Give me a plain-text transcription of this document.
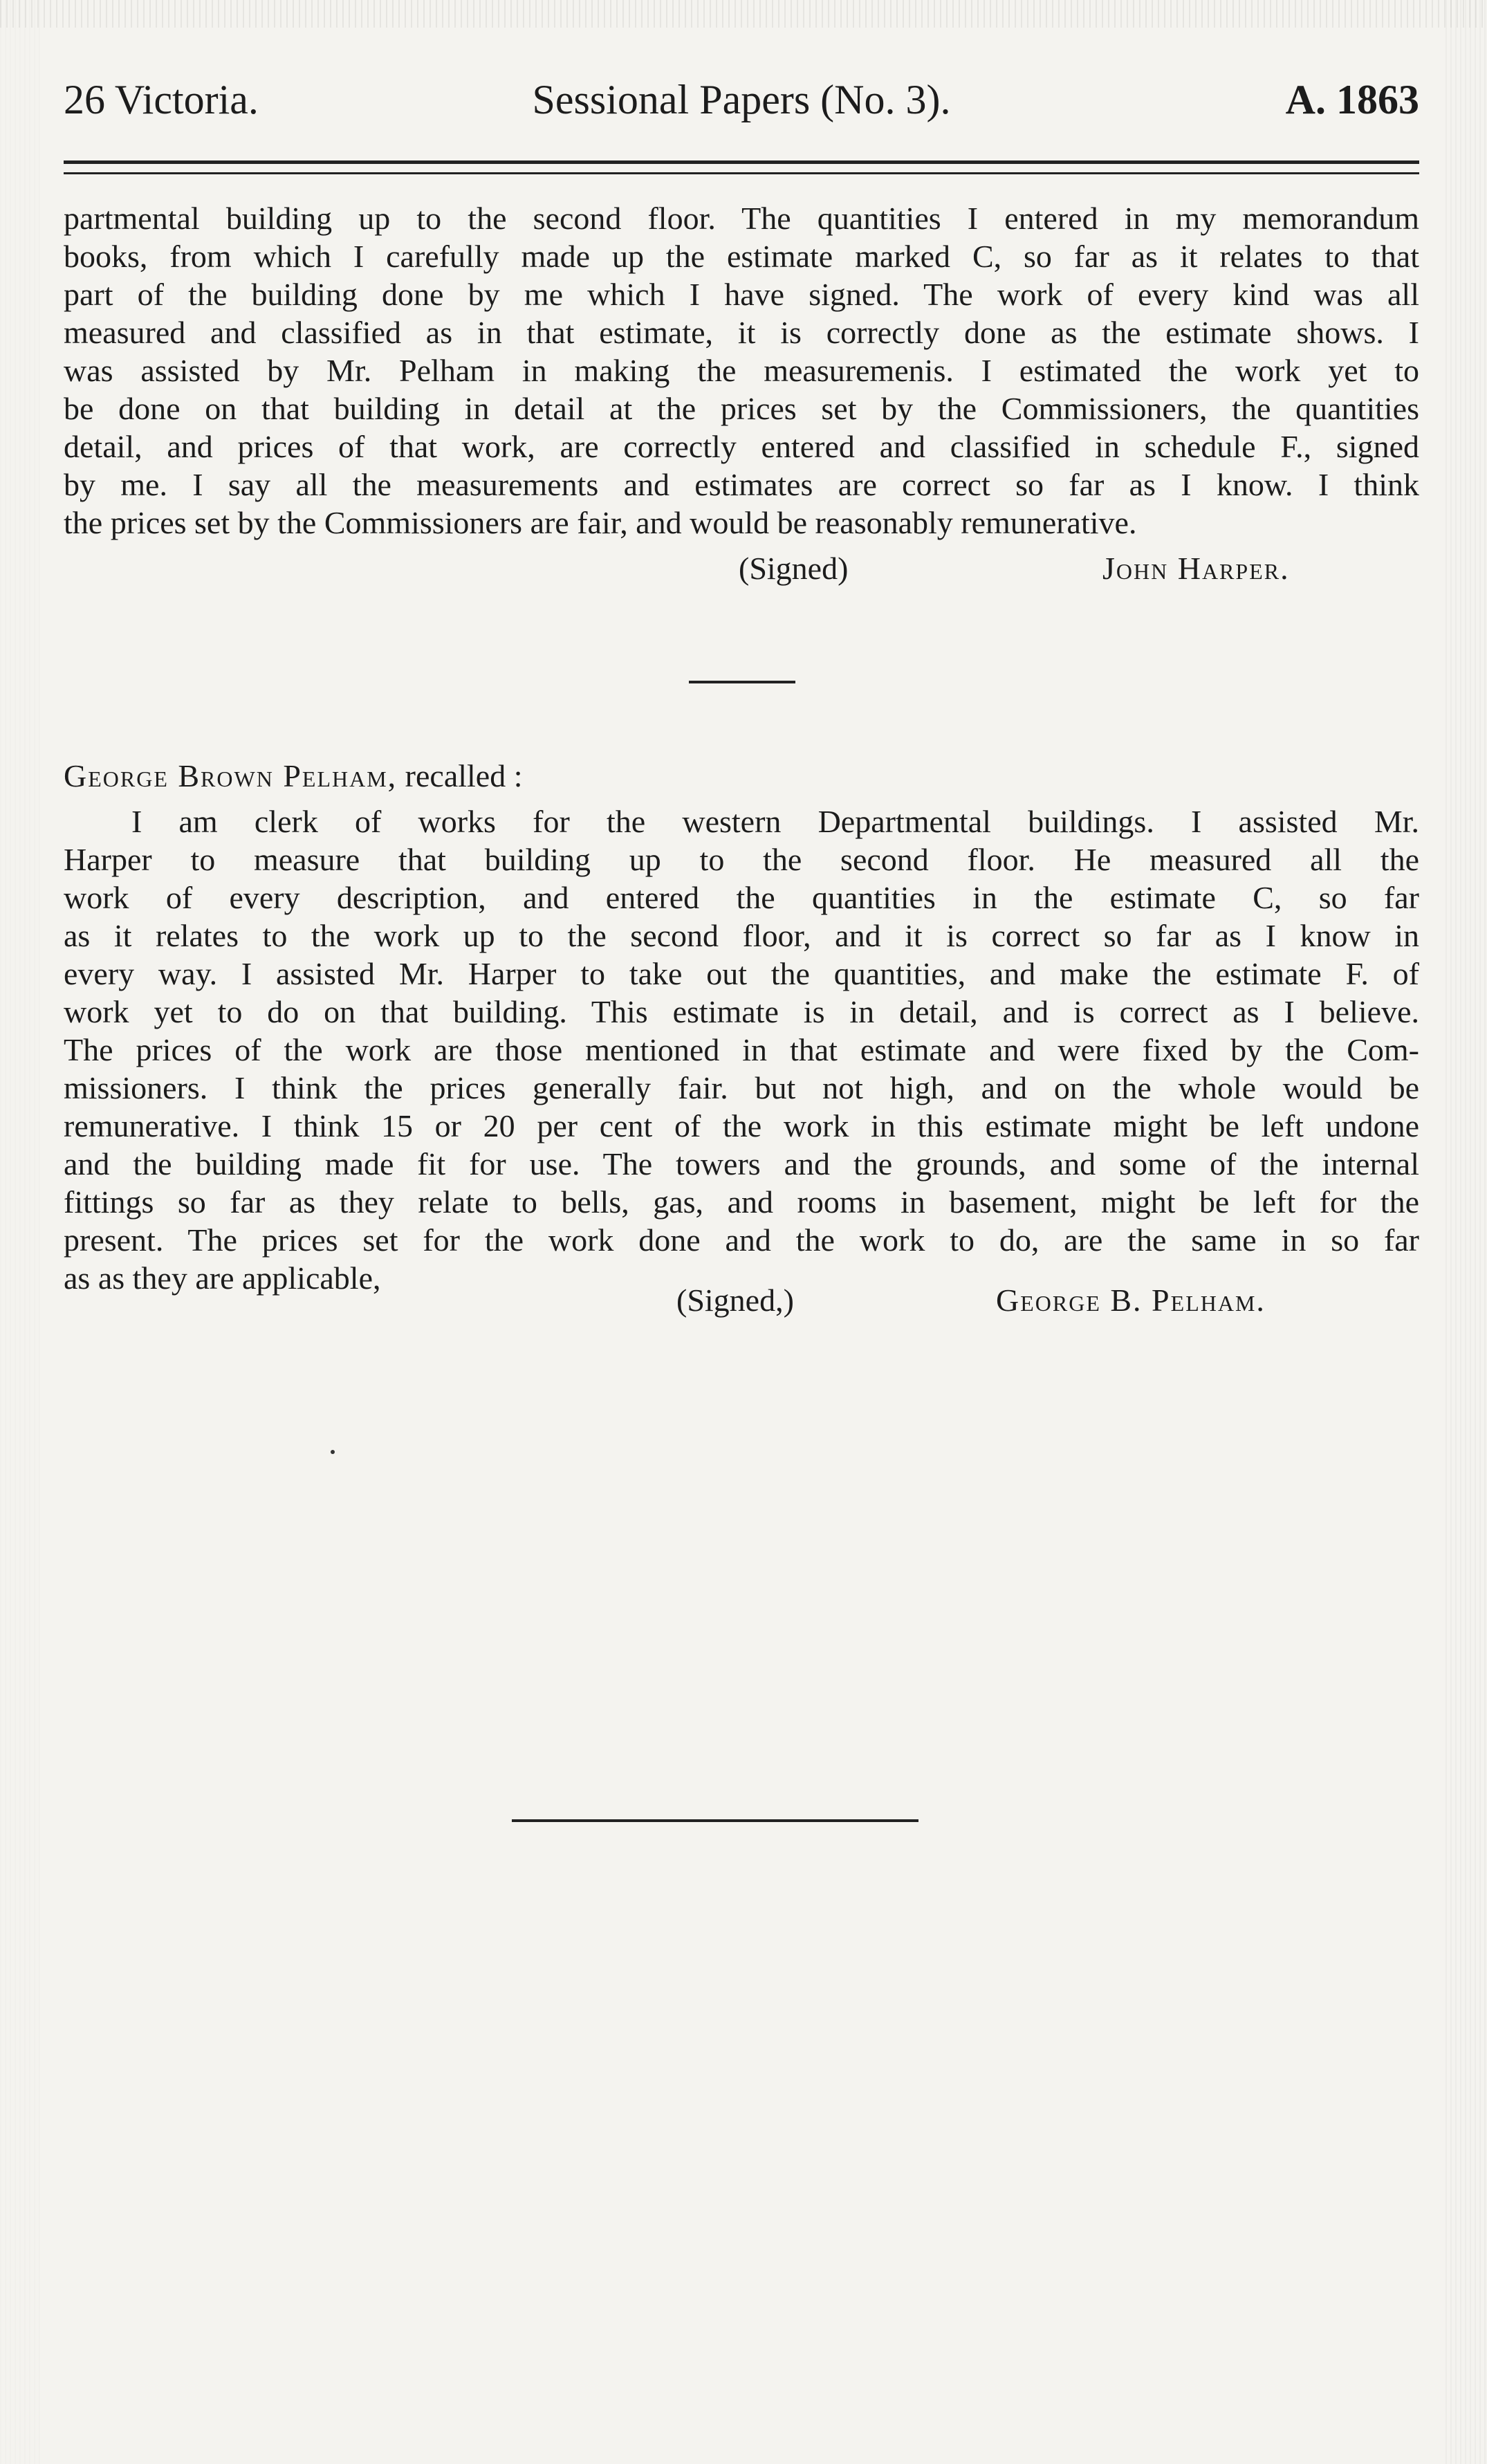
26 Victoria.	Sessional Papers (No. 3).	A. 1863
partmental building up to the second floor. The quantities I entered in my memorandum
books, from which I carefully made up the estimate marked C, so far as it relates to that
part of the building done by me which I have signed. The work of every kind was all
measured and classified as in that estimate, it is correctly done as the estimate shows. I
was assisted by Mr. Pelham in making the measuremenis. I estimated the work yet to
be done on that building in detail at the prices set by the Commissioners, the quantities
detail, and prices of that work, are correctly entered and classified in schedule F., signed
by me. I say all the measurements and estimates are correct so far as I know. I think
the prices set by the Commissioners are fair, and would be reasonably remunerative.
(Signed)	John Harper.
George Brown Pelham, recalled :
I am clerk of works for the western Departmental buildings. I assisted Mr.
Harper to measure that building up to the second floor. He measured all the
work of every description, and entered the quantities in the estimate C, so far
as it relates to the work up to the second floor, and it is correct so far as I know in
every way. I assisted Mr. Harper to take out the quantities, and make the estimate F. of
work yet to do on that building. This estimate is in detail, and is correct as I believe.
The prices of the work are those mentioned in that estimate and were fixed by the Com-
missioners. I think the prices generally fair. but not high, and on the whole would be
remunerative. I think 15 or 20 per cent of the work in this estimate might be left undone
and the building made fit for use. The towers and the grounds, and some of the internal
fittings so far as they relate to bells, gas, and rooms in basement, might be left for the
present. The prices set for the work done and the work to do, are the same in so far
as as they are applicable,
(Signed,)	George B. Pelham.
